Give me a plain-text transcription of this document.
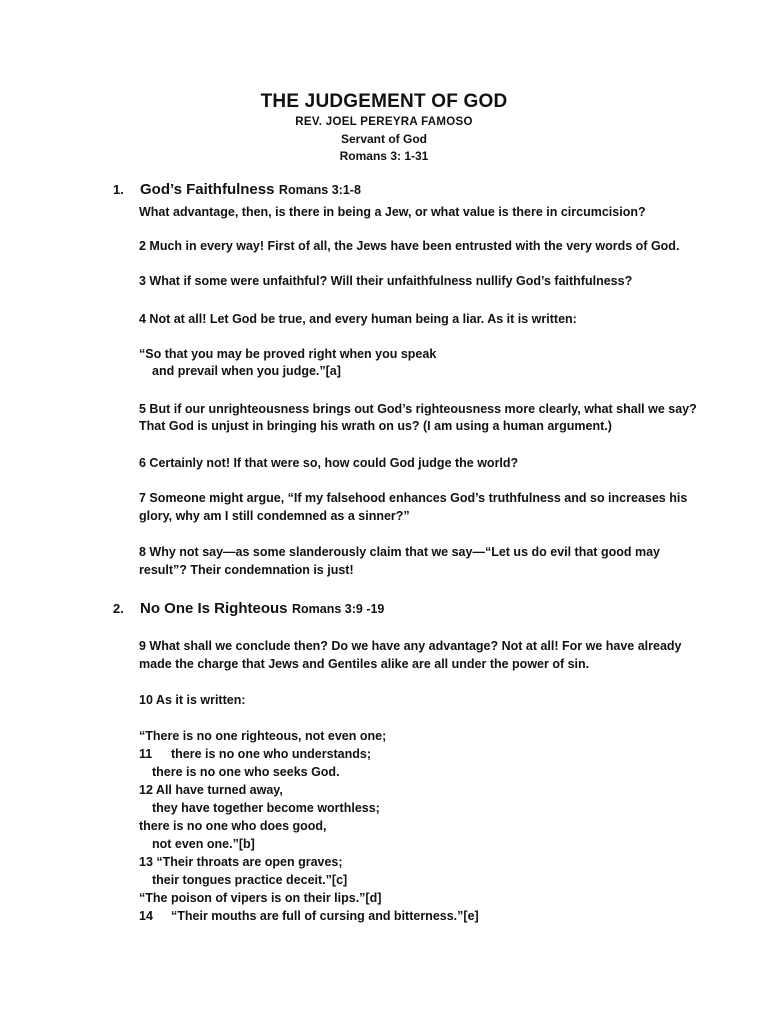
THE JUDGEMENT OF GOD
REV. JOEL PEREYRA FAMOSO
Servant of God
Romans 3: 1-31
1. God’s Faithfulness Romans 3:1-8
What advantage, then, is there in being a Jew, or what value is there in circumcision?
2 Much in every way! First of all, the Jews have been entrusted with the very words of God.
3 What if some were unfaithful? Will their unfaithfulness nullify God’s faithfulness?
4 Not at all! Let God be true, and every human being a liar. As it is written:
“So that you may be proved right when you speak
and prevail when you judge.”[a]
5 But if our unrighteousness brings out God’s righteousness more clearly, what shall we say?
That God is unjust in bringing his wrath on us? (I am using a human argument.)
6 Certainly not! If that were so, how could God judge the world?
7 Someone might argue, “If my falsehood enhances God’s truthfulness and so increases his
glory, why am I still condemned as a sinner?”
8 Why not say—as some slanderously claim that we say—“Let us do evil that good may
result”? Their condemnation is just!
2. No One Is Righteous Romans 3:9 -19
9 What shall we conclude then? Do we have any advantage? Not at all! For we have already
made the charge that Jews and Gentiles alike are all under the power of sin.
10 As it is written:
“There is no one righteous, not even one;
11 there is no one who understands;
there is no one who seeks God.
12 All have turned away,
they have together become worthless;
there is no one who does good,
not even one.”[b]
13 “Their throats are open graves;
their tongues practice deceit.”[c]
“The poison of vipers is on their lips.”[d]
14 “Their mouths are full of cursing and bitterness.”[e]
